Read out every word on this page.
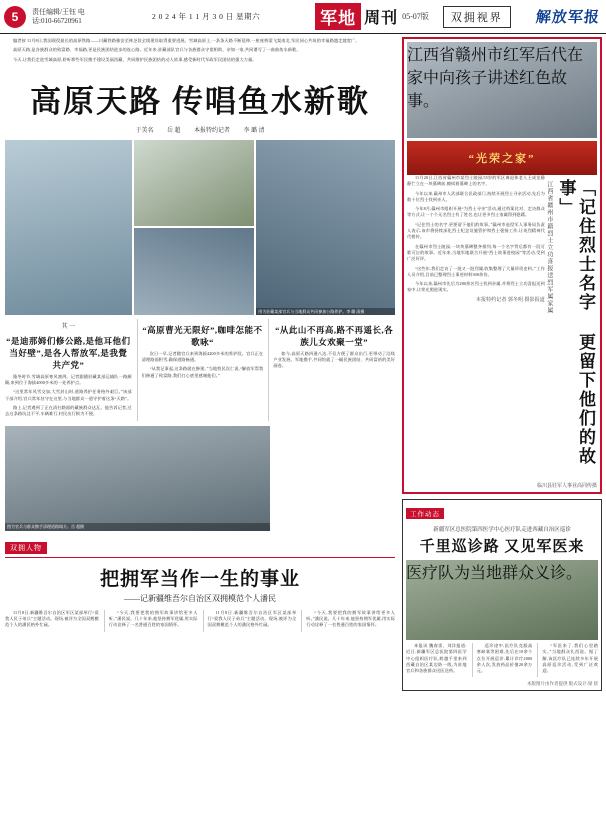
5	责任编辑/王钰 电话:010-66720961	2 0 2 4 年 1 1 月 3 0 日 星期六	军地 周刊 05-07版	双拥视界	解放军报

编者按 11月8日,我国现役最长的高原铁路——川藏铁路雅安至林芝段全线建设取得重要进展。雪域高原上,一条条天路不断延伸,一座座桥梁飞架南北,军民同心共筑的幸福路越走越宽广。

高原天路,是各族群众的致富路、幸福路,更是民族团结进步的连心路。近年来,驻藏部队官兵与各族群众守望相助、亲如一家,共同谱写了一曲曲鱼水新歌。

今天,让我们走进雪域高原,聆听那些军民携手建设美丽西藏、共同维护民族团结的动人故事,感受新时代军政军民团结的强大力量。

高原天路 传唱鱼水新歌
于美名 岳 超 本报特约记者 李 璐 清
图为驻藏某部官兵与当地群众共同参加公路养护。李 璐 清摄
其 一
“是迪那姆们修公路,是他耳他们当好壁”,是各人帮放军,是我覺共产党”

隆冬时节,雪域高原寒风凛冽。记者跟随驻藏某部运输队一路颠簸,来到位于海拔4000多米的一处养护点。

“这里常年风雪交加,大雪封山时,道路养护任务格外艰巨。”该部干部介绍,官兵常年驻守在这里,与当地群众一道守护着这条“天路”。

路上,记者遇到了正在清扫路面的藏族群众达瓦。他告诉记者,过去这条路坑洼不平,车辆难行,村民出行极为不便。

“高原曹光无限好”,咖啡怎能不歌咏“

次日一早,记者随官兵来到海拔4200多米的养护段。官兵正在清理路面积雪,确保道路畅通。

“从我记事起,这条路就在修建。”当地牧民次仁说,“解放军帮我们修通了致富路,我们打心底里感谢他们。”

“从此山不再高,路不再遥长,各族儿女欢聚一堂”

如今,高原天路四通八达,不仅方便了群众出行,更带动了沿线产业发展。军地携手,共同绘就了一幅民族团结、共同富裕的美好画卷。

图为官兵与群众携手清理道路塌方。岳 超摄
双拥人物
把拥军当作一生的事业
——记新疆维吾尔自治区双拥模范个人潘民

11月8日,新疆维吾尔自治区军区某部举行“爱我人民子弟兵”主题活动。现场,被评为全国双拥模范个人的潘民格外忙碌。

“今天,我要把我的拥军故事讲给更多人听。”潘民说。几十年来,他坚持拥军优属,用实际行动诠释了一名普通百姓的家国情怀。

11月8日,新疆维吾尔自治区军区某部举行“爱我人民子弟兵”主题活动。现场,被评为全国双拥模范个人的潘民格外忙碌。

“今天,我要把我的拥军故事讲给更多人听。”潘民说。几十年来,他坚持拥军优属,用实际行动诠释了一名普通百姓的家国情怀。

江西省赣州市红军后代在家中向孩子讲述红色故事。
“光荣之家”
「记住烈士名字 更留下他们的故事」
江西省赣州市籍烈士立功喜报送烈军属家属

11月20日,江西省赣州市某烈士陵园,55岁的军区离退休老人王成龙静静伫立在一块墓碑前,擦拭着墓碑上的名字。

今年以来,赣州市人武部联合民政部门,持续开展烈士寻亲活动,先后为数十位烈士找到亲人。

今年8月,赣州市组织开展“为烈士寻亲”活动,通过档案比对、走访群众等方式,让一个个无名烈士有了姓名,也让更多烈士家属得到慰藉。

“记住烈士的名字,更要留下他们的故事。”赣州市退役军人事务局负责人表示,该市将持续深化烈士纪念设施管护和烈士褒扬工作,让英烈精神代代相传。

在赣州市烈士陵园,一块块墓碑整齐排列,每一个名字背后都有一段可歌可泣的故事。近年来,当地军地联合开展“烈士故事进校园”等活动,受到广泛好评。

“这些年,我们走访了一批又一批烈属,收集整理了大量珍贵史料。”工作人员介绍,目前已整理烈士事迹材料300余份。

今年以来,赣州市先后为280余名烈士找到亲属,并将烈士立功喜报送到家中,让荣光照进现实。

本报特约记者 郭冬明 摄影报道
临川县驻军人事业高同传摄
工作动态
新疆军区总医院第四医学中心医疗队走进西藏自治区巡诊
千里巡诊路 又见军医来
医疗队为当地群众义诊。

本报讯 魏春雷、刘洋报道:近日,新疆军区总医院第四医学中心组织医疗队,跨越千里来到西藏自治区某边防一线,为驻地官兵和各族群众送医送药。

巡诊途中,医疗队克服高寒缺氧等困难,先后在10余个点位开展巡诊,累计诊疗2000余人次,发放药品价值20余万元。

“军医来了,我们心里踏实。”当地群众扎西说。据了解,该医疗队已连续多年开展高原巡诊活动,受到广泛欢迎。

本版图片由作者提供 版式设计:梁 晨
